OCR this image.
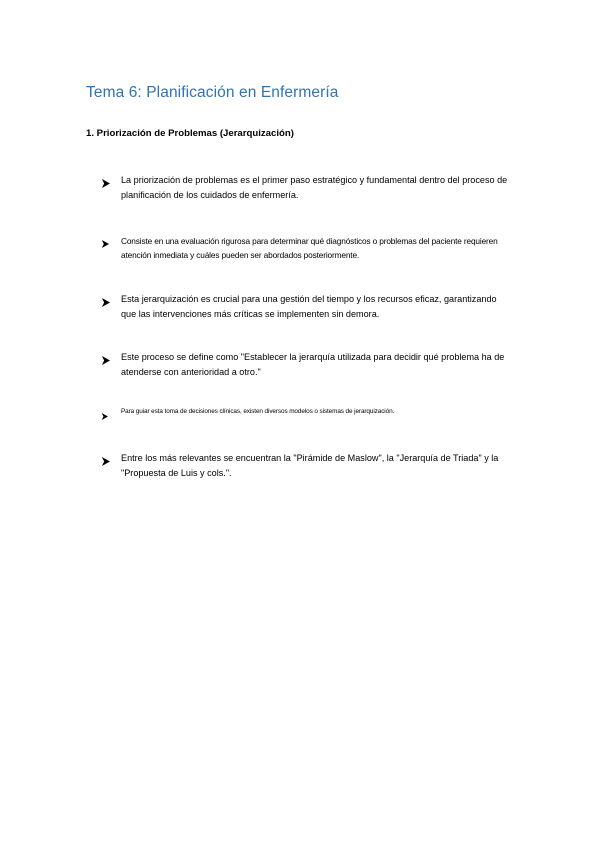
Tema 6: Planificación en Enfermería
1. Priorización de Problemas (Jerarquización)

La priorización de problemas es el primer paso estratégico y fundamental dentro del proceso de planificación de los cuidados de enfermería.

Consiste en una evaluación rigurosa para determinar qué diagnósticos o problemas del paciente requieren atención inmediata y cuáles pueden ser abordados posteriormente.

Esta jerarquización es crucial para una gestión del tiempo y los recursos eficaz, garantizando que las intervenciones más críticas se implementen sin demora.

Este proceso se define como "Establecer la jerarquía utilizada para decidir qué problema ha de atenderse con anterioridad a otro."

Para guiar esta toma de decisiones clínicas, existen diversos modelos o sistemas de jerarquización.

Entre los más relevantes se encuentran la "Pirámide de Maslow", la "Jerarquía de Triada" y la "Propuesta de Luis y cols.".
